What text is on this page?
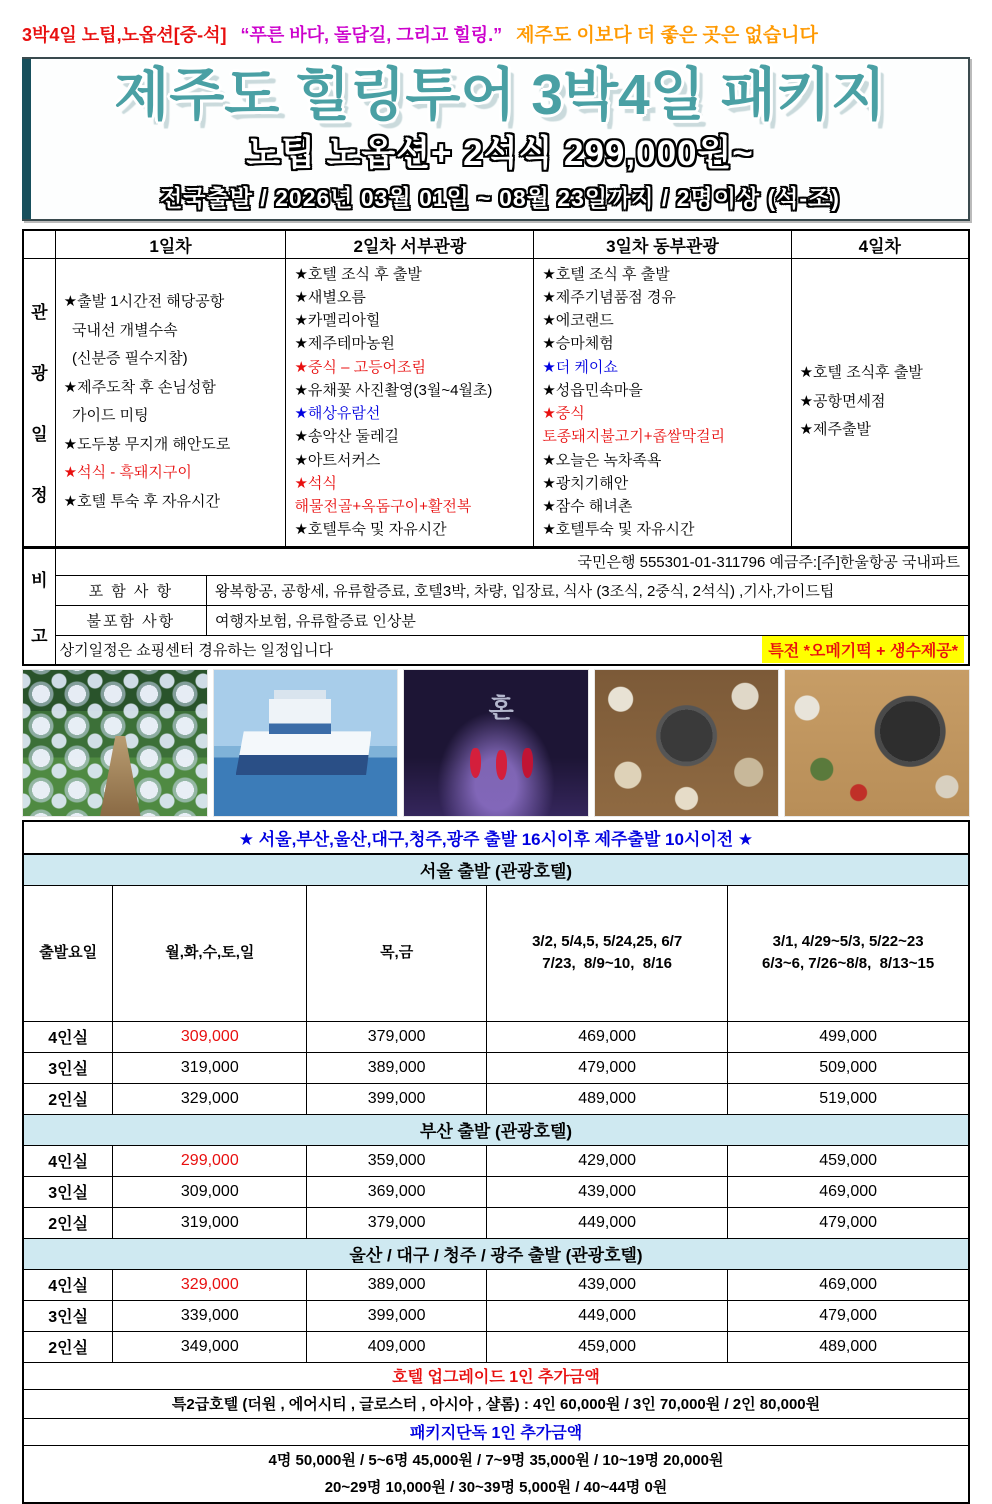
3박4일 노팁,노옵션[중-석] “푸른 바다, 돌담길, 그리고 힐링.” 제주도 이보다 더 좋은 곳은 없습니다
제주도 힐링투어 3박4일 패키지
노팁 노옵션+ 2석식 299,000원~
전국출발 / 2026년 03월 01일 ~ 08월 23일까지 / 2명이상 (석-조)
	1일차	2일차 서부관광	3일차 동부관광	4일차

관
광
일
정

★출발 1시간전 해당공항
국내선 개별수속
(신분증 필수지참)
★제주도착 후 손님성함
가이드 미팅
★도두봉 무지개 해안도로
★석식 - 흑돼지구이
★호텔 투숙 후 자유시간

★호텔 조식 후 출발
★새별오름
★카멜리아힐
★제주테마농원
★중식 – 고등어조림
★유채꽃 사진촬영(3월~4월초)
★해상유람선
★송악산 둘레길
★아트서커스
★석식
해물전골+옥돔구이+활전복
★호텔투숙 및 자유시간

★호텔 조식 후 출발
★제주기념품점 경유
★에코랜드
★승마체험
★더 케이쇼
★성읍민속마을
★중식
토종돼지불고기+좁쌀막걸리
★오늘은 녹차족욕
★광치기해안
★잠수 해녀촌
★호텔투숙 및 자유시간

★호텔 조식후 출발
★공항면세점
★제주출발
비
고	국민은행 555301-01-311796 예금주:[주]한울항공 국내파트	
	포 함 사 항	왕복항공, 공항세, 유류할증료, 호텔3박, 차량, 입장료, 식사 (3조식, 2중식, 2석식) ,기사,가이드팁
	불포함 사항	여행자보험, 유류할증료 인상분

	상기일정은 쇼핑센터 경유하는 일정입니다 특전 *오메기떡 + 생수제공*	
혼
★ 서울,부산,울산,대구,청주,광주 출발 16시이후 제주출발 10시이전 ★
서울 출발 (관광호텔)				
출발요일	월,화,수,토,일	목,금	

3/2, 5/4,5, 5/24,25, 6/7
7/23,  8/9~10,  8/16

3/1, 4/29~5/3, 5/22~23
6/3~6, 7/26~8/8,  8/13~15

4인실	309,000	379,000	469,000	499,000
3인실	319,000	389,000	479,000	509,000
2인실	329,000	399,000	489,000	519,000
부산 출발 (관광호텔)				
4인실	299,000	359,000	429,000	459,000
3인실	309,000	369,000	439,000	469,000
2인실	319,000	379,000	449,000	479,000
울산 / 대구 / 청주 / 광주 출발 (관광호텔)				
4인실	329,000	389,000	439,000	469,000
3인실	339,000	399,000	449,000	479,000
2인실	349,000	409,000	459,000	489,000
호텔 업그레이드 1인 추가금액				
특2급호텔 (더원 , 에어시티 , 글로스터 , 아시아 , 샬롬) : 4인 60,000원 / 3인 70,000원 / 2인 80,000원				
패키지단독 1인 추가금액				

4명 50,000원 / 5~6명 45,000원 / 7~9명 35,000원 / 10~19명 20,000원
20~29명 10,000원 / 30~39명 5,000원 / 40~44명 0원				
